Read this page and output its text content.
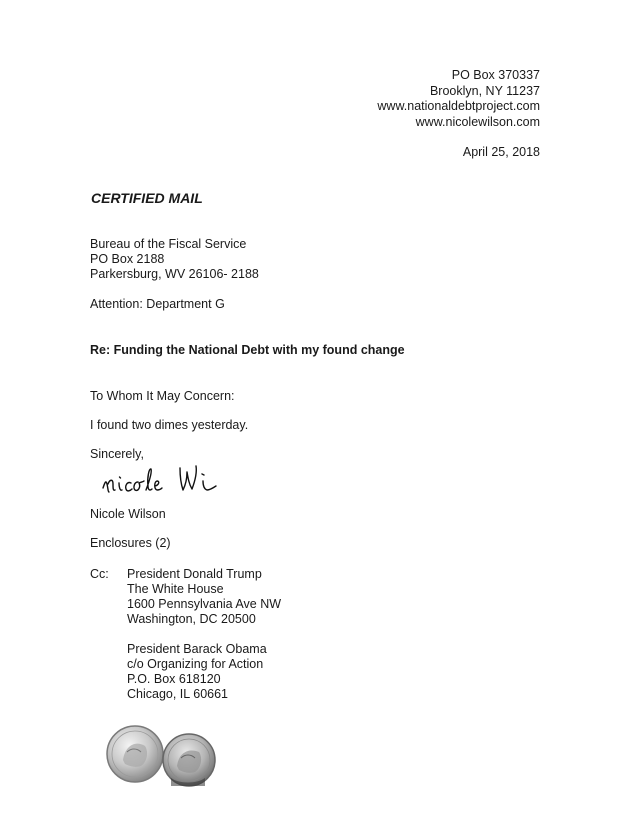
PO Box 370337
Brooklyn, NY 11237
www.nationaldebtproject.com
www.nicolewilson.com
April 25, 2018
CERTIFIED MAIL
Bureau of the Fiscal Service
PO Box 2188
Parkersburg, WV 26106- 2188
Attention: Department G
Re: Funding the National Debt with my found change
To Whom It May Concern:
I found two dimes yesterday.
Sincerely,
Nicole Wilson
Enclosures (2)
Cc: President Donald Trump
The White House
1600 Pennsylvania Ave NW
Washington, DC 20500
President Barack Obama
c/o Organizing for Action
P.O. Box 618120
Chicago, IL 60661
